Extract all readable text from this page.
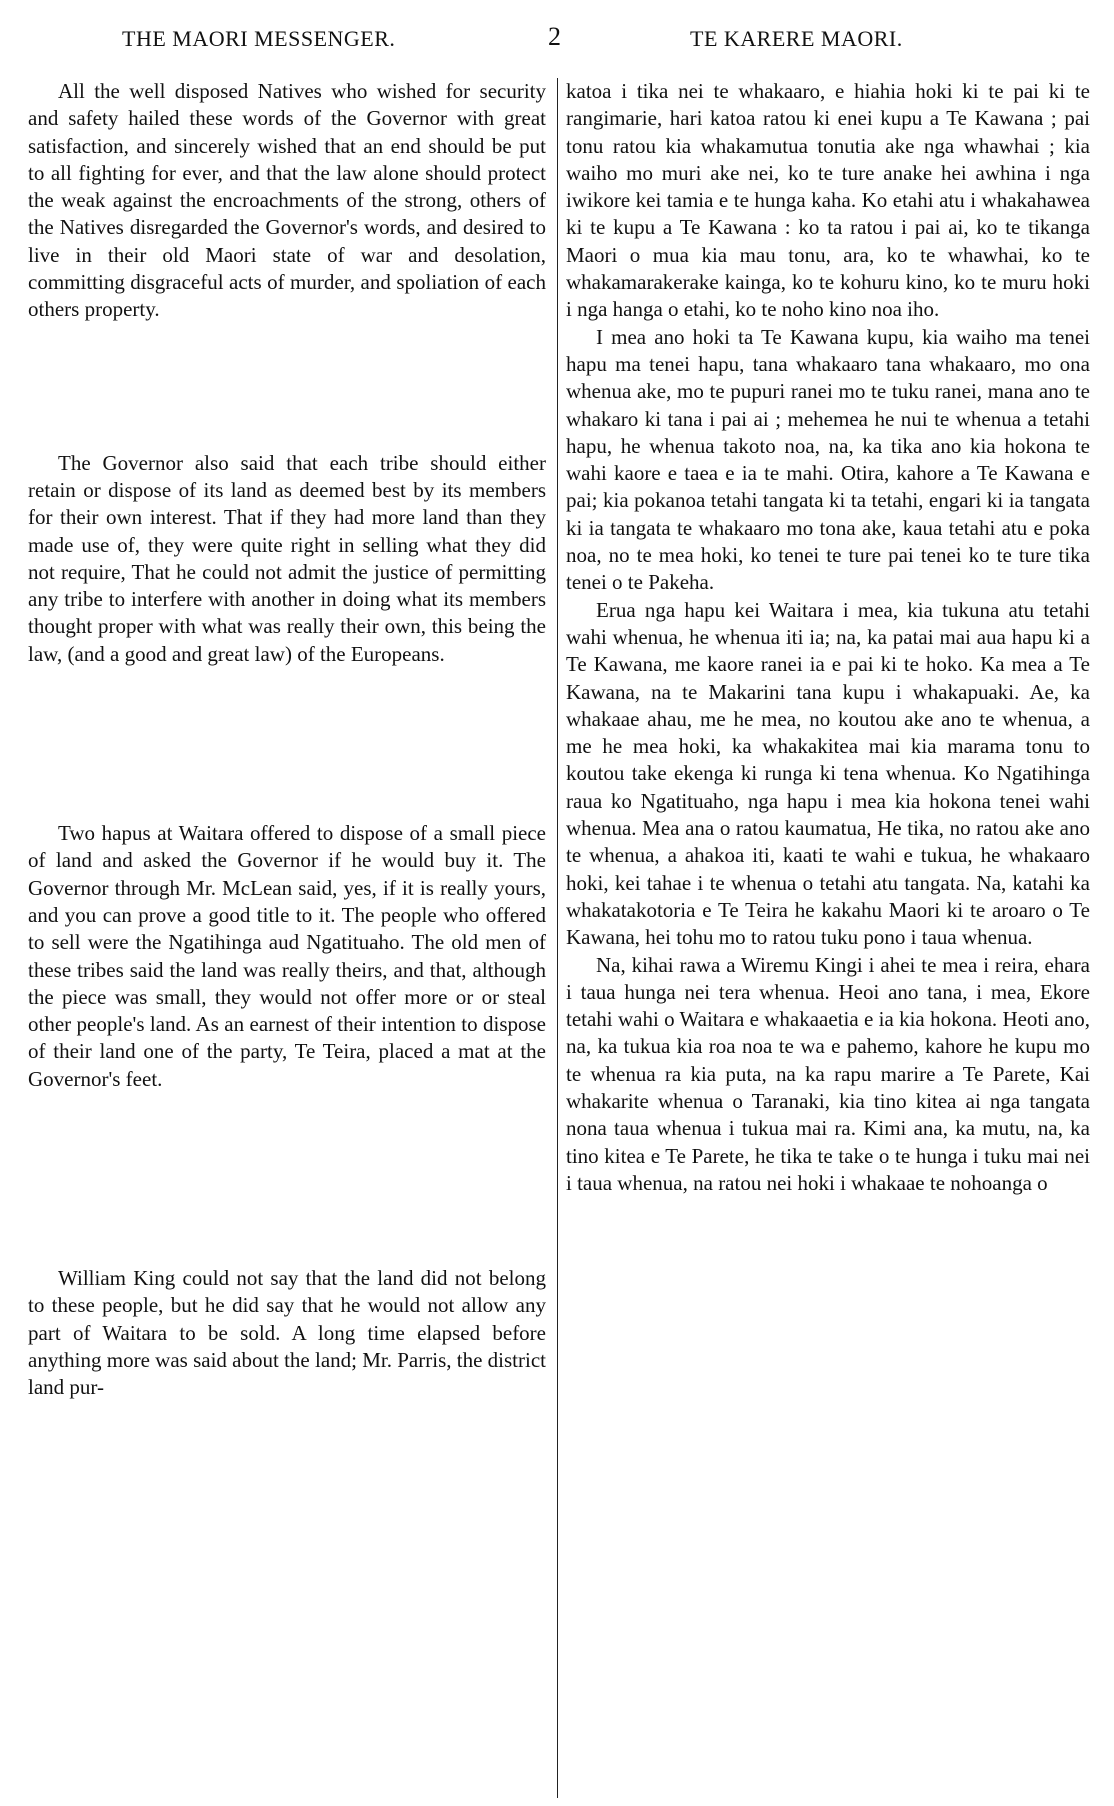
THE MAORI MESSENGER.	2	TE KARERE MAORI.

All the well disposed Natives who wished for security and safety hailed these words of the Governor with great satisfaction, and sincerely wished that an end should be put to all fighting for ever, and that the law alone should protect the weak against the encroachments of the strong, others of the Natives disregarded the Governor's words, and desired to live in their old Maori state of war and desolation, committing disgraceful acts of murder, and spoliation of each others property.

The Governor also said that each tribe should either retain or dispose of its land as deemed best by its members for their own interest. That if they had more land than they made use of, they were quite right in selling what they did not require, That he could not admit the justice of permitting any tribe to interfere with another in doing what its members thought proper with what was really their own, this being the law, (and a good and great law) of the Europeans.

Two hapus at Waitara offered to dispose of a small piece of land and asked the Governor if he would buy it. The Governor through Mr. McLean said, yes, if it is really yours, and you can prove a good title to it. The people who offered to sell were the Ngatihinga aud Ngatituaho. The old men of these tribes said the land was really theirs, and that, although the piece was small, they would not offer more or or steal other people's land. As an earnest of their intention to dispose of their land one of the party, Te Teira, placed a mat at the Governor's feet.

William King could not say that the land did not belong to these people, but he did say that he would not allow any part of Waitara to be sold. A long time elapsed before anything more was said about the land; Mr. Parris, the district land pur-

katoa i tika nei te whakaaro, e hiahia hoki ki te pai ki te rangimarie, hari katoa ratou ki enei kupu a Te Kawana ; pai tonu ratou kia whakamutua tonutia ake nga whawhai ; kia waiho mo muri ake nei, ko te ture anake hei awhina i nga iwikore kei tamia e te hunga kaha. Ko etahi atu i whakahawea ki te kupu a Te Kawana : ko ta ratou i pai ai, ko te tikanga Maori o mua kia mau tonu, ara, ko te whawhai, ko te whakamarakerake kainga, ko te kohuru kino, ko te muru hoki i nga hanga o etahi, ko te noho kino noa iho.

I mea ano hoki ta Te Kawana kupu, kia waiho ma tenei hapu ma tenei hapu, tana whakaaro tana whakaaro, mo ona whenua ake, mo te pupuri ranei mo te tuku ranei, mana ano te whakaro ki tana i pai ai ; mehemea he nui te whenua a tetahi hapu, he whenua takoto noa, na, ka tika ano kia hokona te wahi kaore e taea e ia te mahi. Otira, kahore a Te Kawana e pai; kia pokanoa tetahi tangata ki ta tetahi, engari ki ia tangata ki ia tangata te whakaaro mo tona ake, kaua tetahi atu e poka noa, no te mea hoki, ko tenei te ture pai tenei ko te ture tika tenei o te Pakeha.

Erua nga hapu kei Waitara i mea, kia tukuna atu tetahi wahi whenua, he whenua iti ia; na, ka patai mai aua hapu ki a Te Kawana, me kaore ranei ia e pai ki te hoko. Ka mea a Te Kawana, na te Makarini tana kupu i whakapuaki. Ae, ka whakaae ahau, me he mea, no koutou ake ano te whenua, a me he mea hoki, ka whakakitea mai kia marama tonu to koutou take ekenga ki runga ki tena whenua. Ko Ngatihinga raua ko Ngatituaho, nga hapu i mea kia hokona tenei wahi whenua. Mea ana o ratou kaumatua, He tika, no ratou ake ano te whenua, a ahakoa iti, kaati te wahi e tukua, he whakaaro hoki, kei tahae i te whenua o tetahi atu tangata. Na, katahi ka whakatakotoria e Te Teira he kakahu Maori ki te aroaro o Te Kawana, hei tohu mo to ratou tuku pono i taua whenua.

Na, kihai rawa a Wiremu Kingi i ahei te mea i reira, ehara i taua hunga nei tera whenua. Heoi ano tana, i mea, Ekore tetahi wahi o Waitara e whakaaetia e ia kia hokona. Heoti ano, na, ka tukua kia roa noa te wa e pahemo, kahore he kupu mo te whenua ra kia puta, na ka rapu marire a Te Parete, Kai whakarite whenua o Taranaki, kia tino kitea ai nga tangata nona taua whenua i tukua mai ra. Kimi ana, ka mutu, na, ka tino kitea e Te Parete, he tika te take o te hunga i tuku mai nei i taua whenua, na ratou nei hoki i whakaae te nohoanga o
